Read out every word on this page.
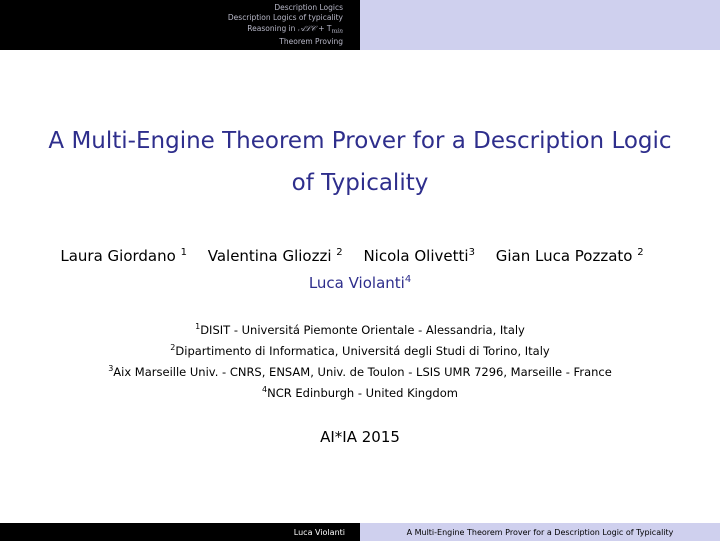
Description Logics
Description Logics of typicality
Reasoning in 𝒜ℒ𝒞 + $T_{min}$
Theorem Proving
A Multi-Engine Theorem Prover for a Description Logic of Typicality
Laura Giordano $^1$ Valentina Gliozzi $^2$ Nicola Olivetti$^3$ Gian Luca Pozzato $^2$ Luca Violanti$^4$
$^1$DISIT - Universitá Piemonte Orientale - Alessandria, Italy
$^2$Dipartimento di Informatica, Universitá degli Studi di Torino, Italy
$^3$Aix Marseille Univ. - CNRS, ENSAM, Univ. de Toulon - LSIS UMR 7296, Marseille - France
$^4$NCR Edinburgh - United Kingdom
AI*IA 2015
Luca Violanti	A Multi-Engine Theorem Prover for a Description Logic of Typicality
